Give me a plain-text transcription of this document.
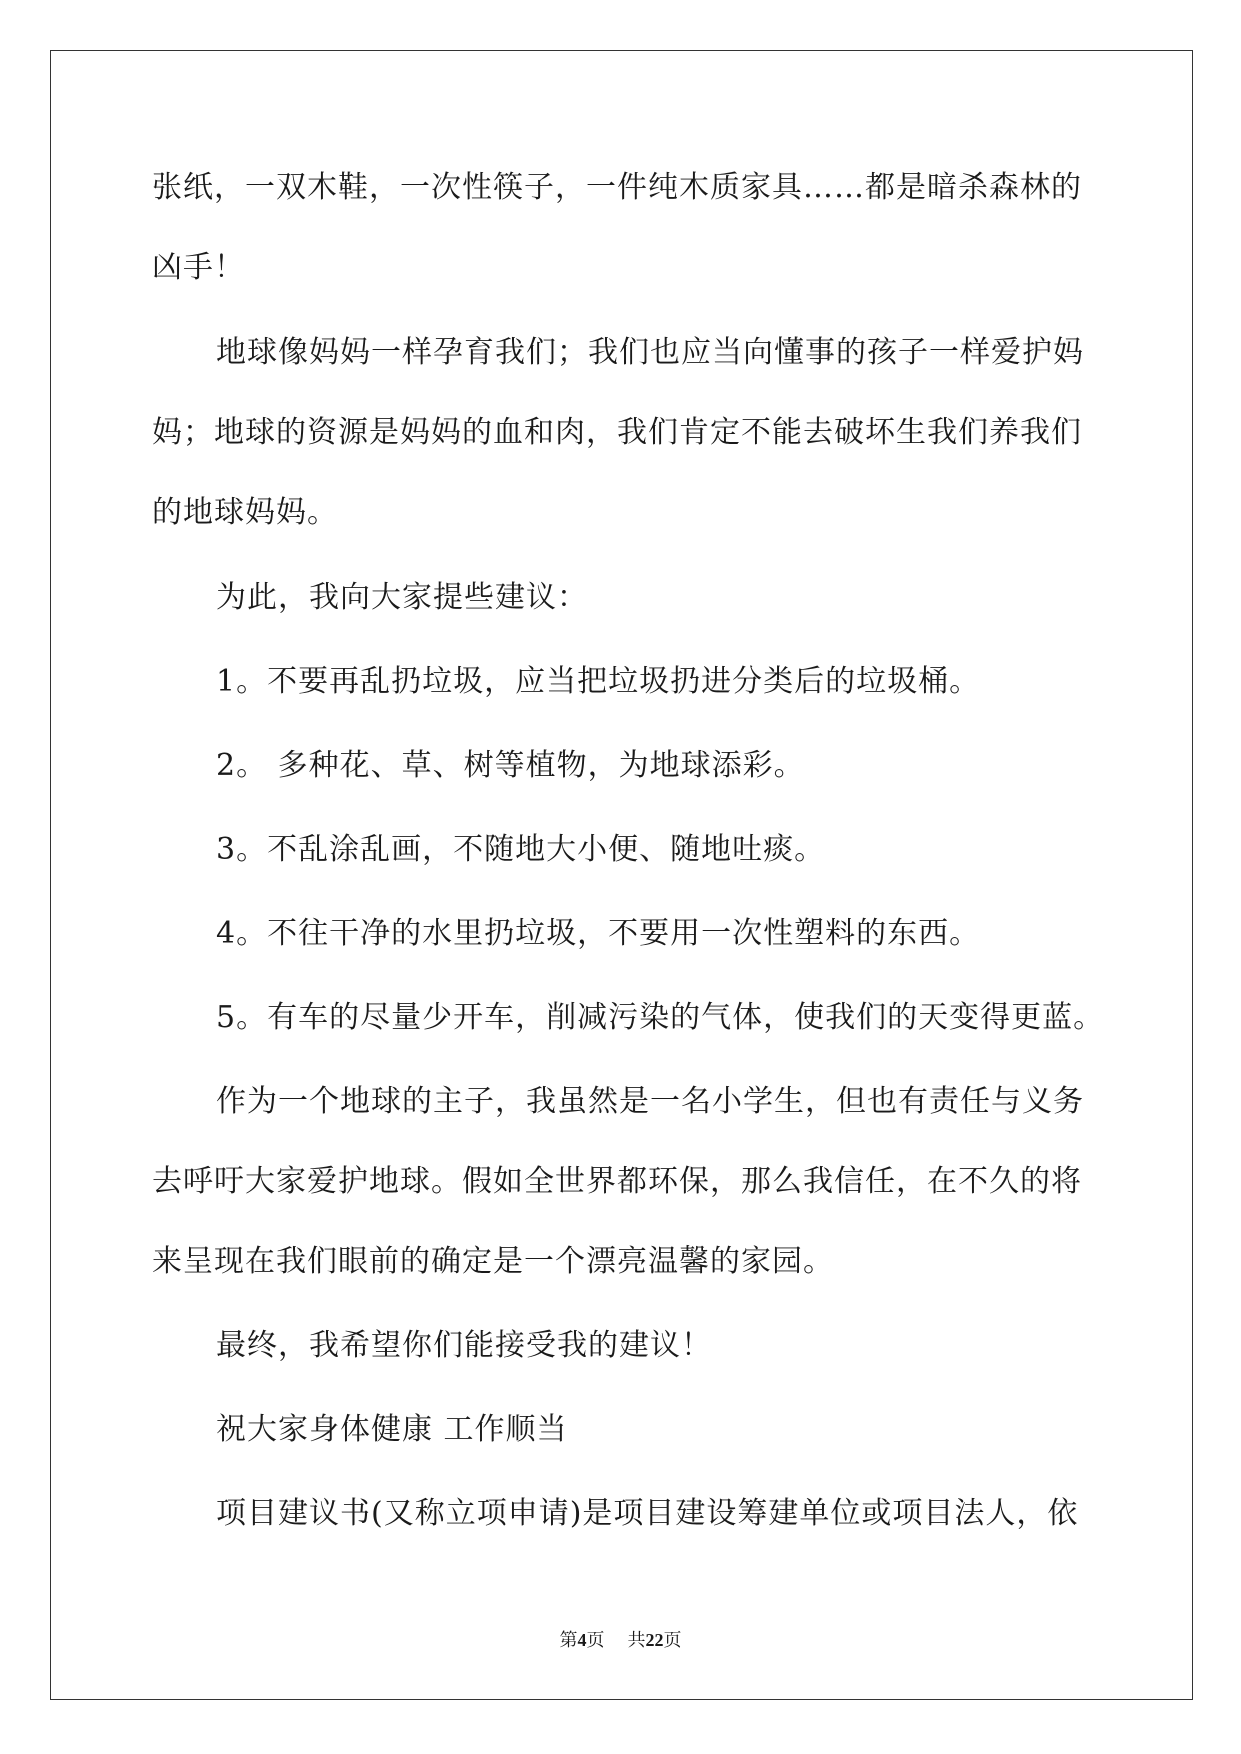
张纸，一双木鞋，一次性筷子，一件纯木质家具……都是暗杀森林的
凶手！
地球像妈妈一样孕育我们；我们也应当向懂事的孩子一样爱护妈
妈；地球的资源是妈妈的血和肉，我们肯定不能去破坏生我们养我们
的地球妈妈。
为此，我向大家提些建议：
1。不要再乱扔垃圾，应当把垃圾扔进分类后的垃圾桶。
2。 多种花、草、树等植物，为地球添彩。
3。不乱涂乱画，不随地大小便、随地吐痰。
4。不往干净的水里扔垃圾，不要用一次性塑料的东西。
5。有车的尽量少开车，削减污染的气体，使我们的天变得更蓝。
作为一个地球的主子，我虽然是一名小学生，但也有责任与义务
去呼吁大家爱护地球。假如全世界都环保，那么我信任，在不久的将
来呈现在我们眼前的确定是一个漂亮温馨的家园。
最终，我希望你们能接受我的建议！
祝大家身体健康 工作顺当
项目建议书(又称立项申请)是项目建设筹建单位或项目法人，依
第4页 共22页
